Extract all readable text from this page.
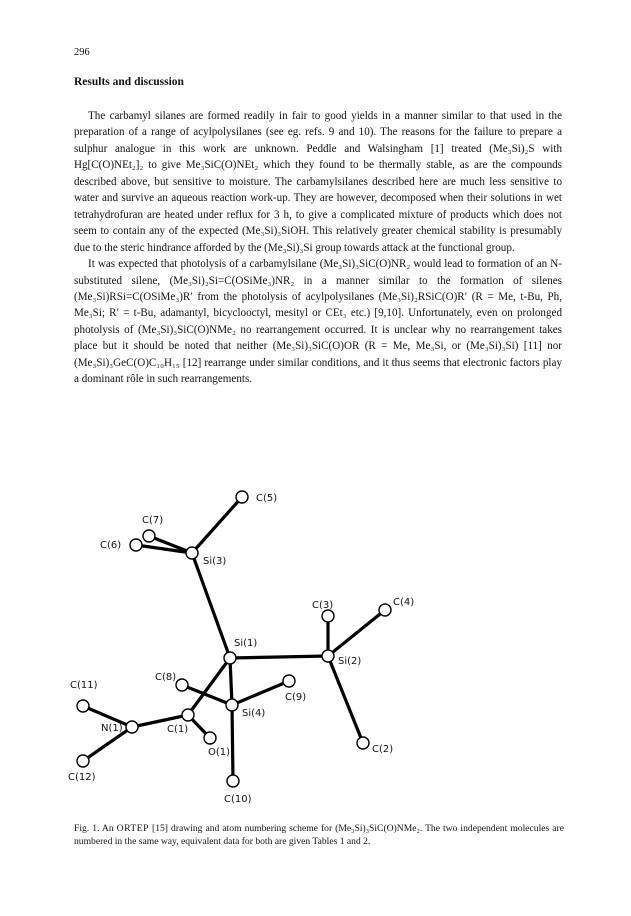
296
Results and discussion

The carbamyl silanes are formed readily in fair to good yields in a manner similar to that used in the preparation of a range of acylpolysilanes (see eg. refs. 9 and 10). The reasons for the failure to prepare a sulphur analogue in this work are unknown. Peddle and Walsingham [1] treated (Me₃Si)₂S with Hg[C(O)NEt₂]₂ to give Me₃SiC(O)NEt₂ which they found to be thermally stable, as are the compounds described above, but sensitive to moisture. The carbamylsilanes described here are much less sensitive to water and survive an aqueous reaction work-up. They are however, decomposed when their solutions in wet tetrahydrofuran are heated under reflux for 3 h, to give a complicated mixture of products which does not seem to contain any of the expected (Me₃Si)₃SiOH. This relatively greater chemical stability is presumably due to the steric hindrance afforded by the (Me₃Si)₃Si group towards attack at the functional group.

It was expected that photolysis of a carbamylsilane (Me₃Si)₃SiC(O)NR₂ would lead to formation of an N-substituted silene, (Me₃Si)₂Si=C(OSiMe₃)NR₂ in a manner similar to the formation of silenes (Me₃Si)RSi=C(OSiMe₃)R′ from the photolysis of acylpolysilanes (Me₃Si)₂RSiC(O)R′ (R = Me, t-Bu, Ph, Me₃Si; R′ = t-Bu, adamantyl, bicyclooctyl, mesityl or CEt₃ etc.) [9,10]. Unfortunately, even on prolonged photolysis of (Me₃Si)₃SiC(O)NMe₂ no rearrangement occurred. It is unclear why no rearrangement takes place but it should be noted that neither (Me₃Si)₃SiC(O)OR (R = Me, Me₃Si, or (Me₃Si)₃Si) [11] nor (Me₃Si)₃GeC(O)C₁₀H₁₅ [12] rearrange under similar conditions, and it thus seems that electronic factors play a dominant rôle in such rearrangements.

C(5)
C(7)
C(6)
Si(3)
C(3)	C(4)
Si(1)
Si(2)
C(8)
C(11)
C(9)
Si(4)
N(1)	C(1)
C(2)
O(1)
C(12)
C(10)

Fig. 1. An ORTEP [15] drawing and atom numbering scheme for (Me₃Si)₃SiC(O)NMe₂. The two independent molecules are numbered in the same way, equivalent data for both are given Tables 1 and 2.
